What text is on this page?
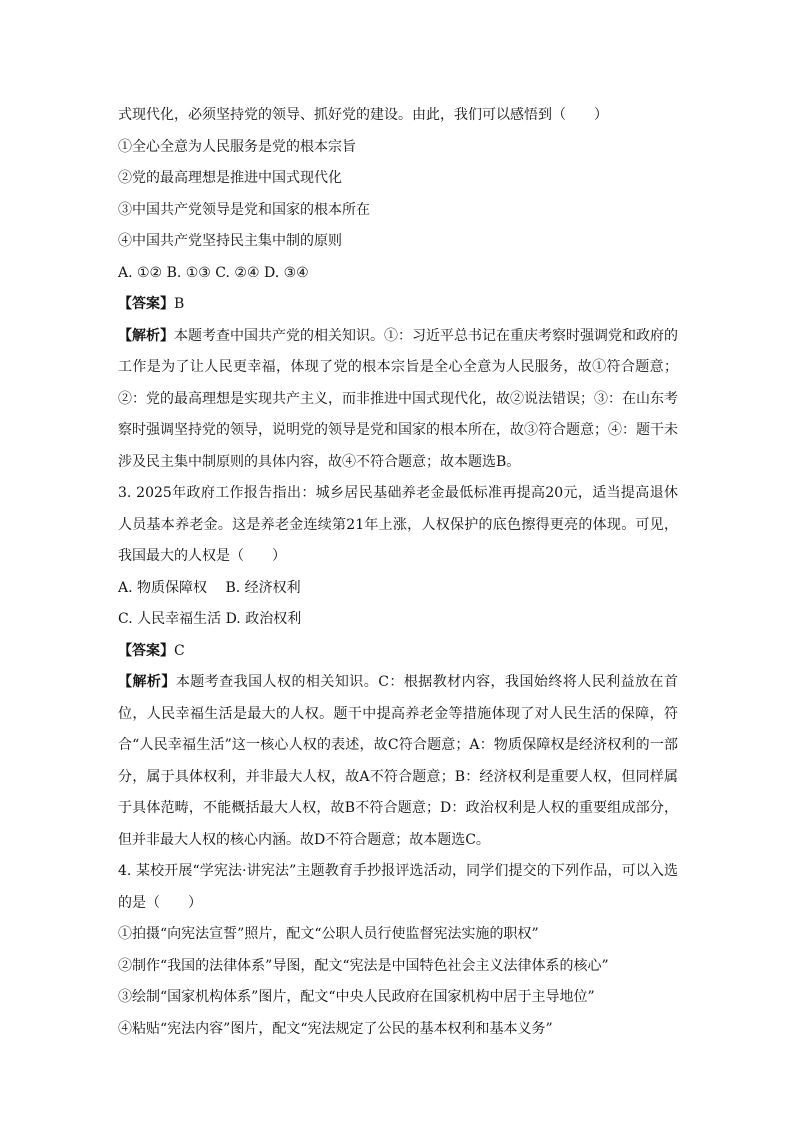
式现代化，必须坚持党的领导、抓好党的建设。由此，我们可以感悟到（　　）

①全心全意为人民服务是党的根本宗旨

②党的最高理想是推进中国式现代化

③中国共产党领导是党和国家的根本所在

④中国共产党坚持民主集中制的原则

A. ①② B. ①③ C. ②④ D. ③④

【答案】B

【解析】本题考查中国共产党的相关知识。①：习近平总书记在重庆考察时强调党和政府的工作是为了让人民更幸福，体现了党的根本宗旨是全心全意为人民服务，故①符合题意；②：党的最高理想是实现共产主义，而非推进中国式现代化，故②说法错误；③：在山东考察时强调坚持党的领导，说明党的领导是党和国家的根本所在，故③符合题意；④：题干未涉及民主集中制原则的具体内容，故④不符合题意；故本题选B。

3. 2025年政府工作报告指出：城乡居民基础养老金最低标准再提高20元，适当提高退休人员基本养老金。这是养老金连续第21年上涨，人权保护的底色擦得更亮的体现。可见，我国最大的人权是（　　）

A. 物质保障权　 B. 经济权利

C. 人民幸福生活 D. 政治权利

【答案】C

【解析】本题考查我国人权的相关知识。C：根据教材内容，我国始终将人民利益放在首位，人民幸福生活是最大的人权。题干中提高养老金等措施体现了对人民生活的保障，符合“人民幸福生活”这一核心人权的表述，故C符合题意；A：物质保障权是经济权利的一部分，属于具体权利，并非最大人权，故A不符合题意；B：经济权利是重要人权，但同样属于具体范畴，不能概括最大人权，故B不符合题意；D：政治权利是人权的重要组成部分，但并非最大人权的核心内涵。故D不符合题意；故本题选C。

4. 某校开展“学宪法·讲宪法”主题教育手抄报评选活动，同学们提交的下列作品，可以入选的是（　　）

①拍摄“向宪法宣誓”照片，配文“公职人员行使监督宪法实施的职权”

②制作“我国的法律体系”导图，配文“宪法是中国特色社会主义法律体系的核心”

③绘制“国家机构体系”图片，配文“中央人民政府在国家机构中居于主导地位”

④粘贴“宪法内容”图片，配文“宪法规定了公民的基本权利和基本义务”
